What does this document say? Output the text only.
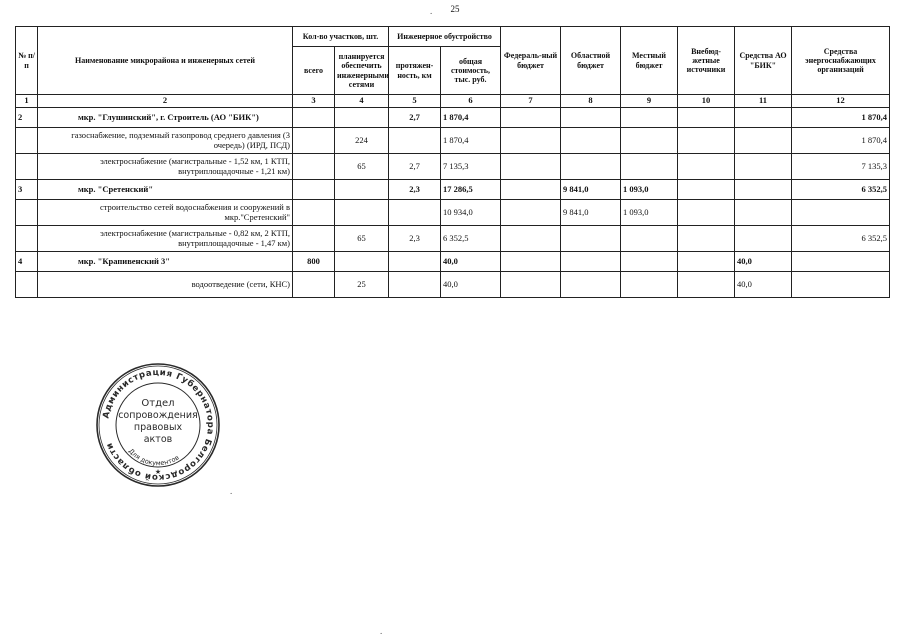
25
№ п/п	Наименование микрорайона и инженерных сетей	Кол-во участков, шт.		Инженерное обустройство		Федераль-ный бюджет	Областной бюджет	Местный бюджет	Внебюд-жетные источники	Средства АО "БИК"	Средства энергоснабжающих организаций
		всего	планируется обеспечить инженерными сетями	протяжен-ность, км	общая стоимость, тыс. руб.						
1	2	3	4	5	6	7	8	9	10	11	12
2	мкр. "Глушинский", г. Строитель (АО "БИК")			2,7	1 870,4						1 870,4
	газоснабжение, подземный газопровод среднего давления (3 очередь) (ИРД, ПСД)		224		1 870,4						1 870,4
	электроснабжение (магистральные - 1,52 км, 1 КТП, внутриплощадочные - 1,21 км)		65	2,7	7 135,3						7 135,3
3	мкр. "Сретенский"			2,3	17 286,5		9 841,0	1 093,0			6 352,5
	строительство сетей водоснабжения и сооружений в мкр."Сретенский"				10 934,0		9 841,0	1 093,0			
	электроснабжение (магистральные - 0,82 км, 2 КТП, внутриплощадочные - 1,47 км)		65	2,3	6 352,5						6 352,5
4	мкр. "Крапивенский 3"	800			40,0					40,0	
	водоотведение (сети, КНС)		25		40,0					40,0	
Администрация Губернатора Белгородской области
Отдел
сопровождения
правовых
актов
Для документов
★
.
.
.
